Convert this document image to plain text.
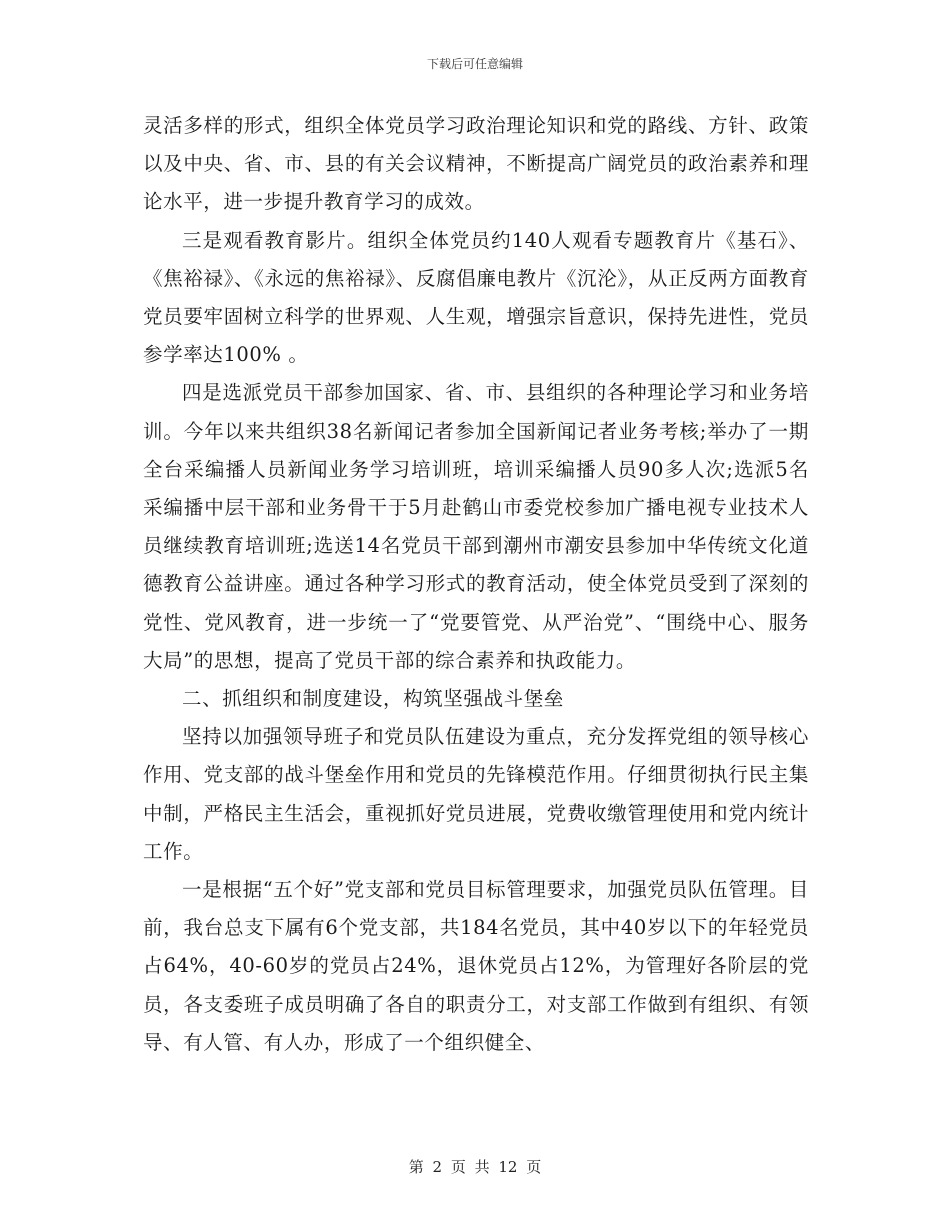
下载后可任意编辑

灵活多样的形式，组织全体党员学习政治理论知识和党的路线、方针、政策以及中央、省、市、县的有关会议精神，不断提高广阔党员的政治素养和理论水平，进一步提升教育学习的成效。

三是观看教育影片。组织全体党员约140人观看专题教育片《基石》、《焦裕禄》、《永远的焦裕禄》、反腐倡廉电教片《沉沦》，从正反两方面教育党员要牢固树立科学的世界观、人生观，增强宗旨意识，保持先进性，党员参学率达100% 。

四是选派党员干部参加国家、省、市、县组织的各种理论学习和业务培训。今年以来共组织38名新闻记者参加全国新闻记者业务考核;举办了一期全台采编播人员新闻业务学习培训班，培训采编播人员90多人次;选派5名采编播中层干部和业务骨干于5月赴鹤山市委党校参加广播电视专业技术人员继续教育培训班;选送14名党员干部到潮州市潮安县参加中华传统文化道德教育公益讲座。通过各种学习形式的教育活动，使全体党员受到了深刻的党性、党风教育，进一步统一了“党要管党、从严治党”、“围绕中心、服务大局”的思想，提高了党员干部的综合素养和执政能力。

二、抓组织和制度建设，构筑坚强战斗堡垒

坚持以加强领导班子和党员队伍建设为重点，充分发挥党组的领导核心作用、党支部的战斗堡垒作用和党员的先锋模范作用。仔细贯彻执行民主集中制，严格民主生活会，重视抓好党员进展，党费收缴管理使用和党内统计工作。

一是根据“五个好”党支部和党员目标管理要求，加强党员队伍管理。目前，我台总支下属有6个党支部，共184名党员，其中40岁以下的年轻党员占64%，40-60岁的党员占24%，退休党员占12%，为管理好各阶层的党员，各支委班子成员明确了各自的职责分工，对支部工作做到有组织、有领导、有人管、有人办，形成了一个组织健全、

第 2 页 共 12 页
